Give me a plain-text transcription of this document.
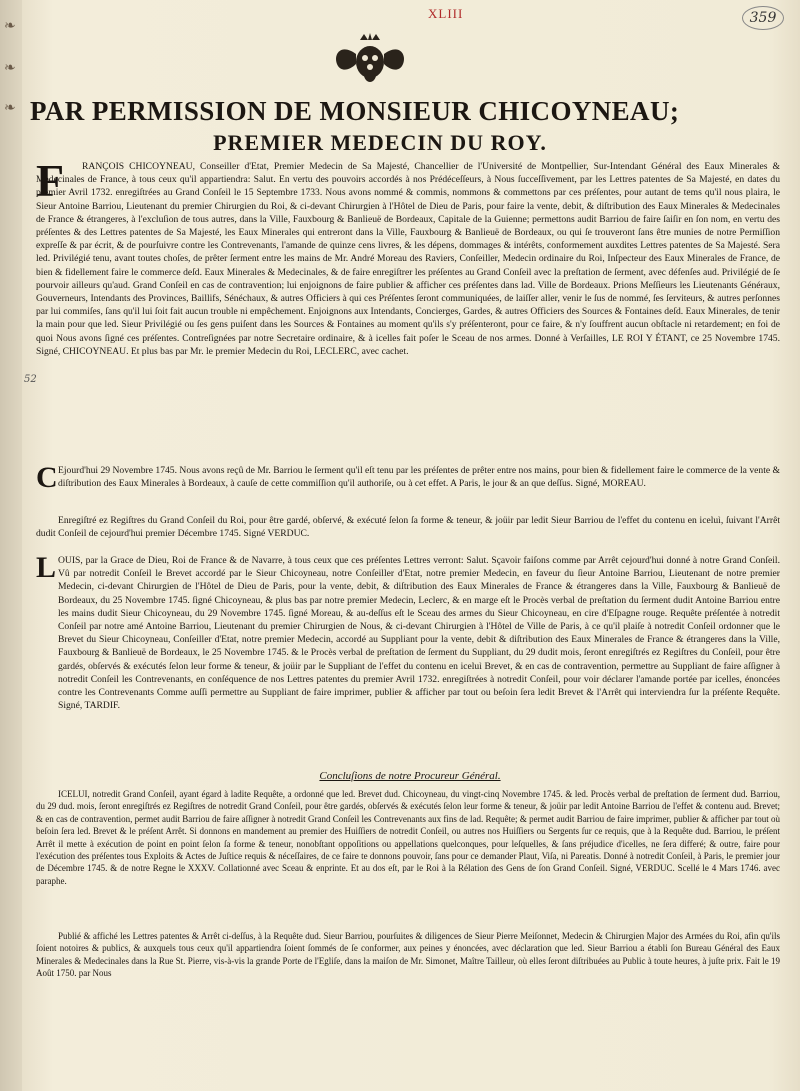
❧
❧
❧
XLIII	359
PAR PERMISSION DE MONSIEUR CHICOYNEAU;
PREMIER MEDECIN DU ROY.
F	RANÇOIS CHICOYNEAU, Conseiller d'Etat, Premier Medecin de Sa Majesté, Chancellier de l'Université de Montpellier, Sur-Intendant Général des Eaux Minerales & Medecinales de France, à tous ceux qu'il appartiendra: Salut. En vertu des pouvoirs accordés à nos Prédéceſſeurs, à Nous ſucceſſivement, par les Lettres patentes de Sa Majesté, en dates du premier Avril 1732. enregiſtrées au Grand Conſeil le 15 Septembre 1733. Nous avons nommé & commis, nommons & commettons par ces préſentes, pour autant de tems qu'il nous plaira, le Sieur Antoine Barriou, Lieutenant du premier Chirurgien du Roi, & ci-devant Chirurgien à l'Hôtel de Dieu de Paris, pour faire la vente, debit, & diſtribution des Eaux Minerales & Medecinales de France & étrangeres, à l'excluſion de tous autres, dans la Ville, Fauxbourg & Banlieuë de Bordeaux, Capitale de la Guienne; permettons audit Barriou de faire ſaiſir en ſon nom, en vertu des préſentes & des Lettres patentes de Sa Majesté, les Eaux Minerales qui entreront dans la Ville, Fauxbourg & Banlieuë de Bordeaux, ou qui ſe trouveront ſans être munies de notre Permiſſion expreſſe & par écrit, & de pourſuivre contre les Contrevenants, l'amande de quinze cens livres, & les dépens, dommages & intérêts, conformement auxdites Lettres patentes de Sa Majesté. Sera led. Privilégié tenu, avant toutes choſes, de prêter ſerment entre les mains de Mr. André Moreau des Raviers, Conſeiller, Medecin ordinaire du Roi, Inſpecteur des Eaux Minerales de France, de bien & fidellement faire le commerce deſd. Eaux Minerales & Medecinales, & de faire enregiſtrer les préſentes au Grand Conſeil avec la preſtation de ſerment, avec défenſes aud. Privilégié de ſe pourvoir ailleurs qu'aud. Grand Conſeil en cas de contravention; lui enjoignons de faire publier & afficher ces préſentes dans lad. Ville de Bordeaux. Prions Meſſieurs les Lieutenants Généraux, Gouverneurs, Intendants des Provinces, Baillifs, Sénéchaux, & autres Officiers à qui ces Préſentes ſeront communiquées, de laiſſer aller, venir le ſus de nommé, ſes ſerviteurs, & autres perſonnes par lui commiſes, ſans qu'il lui ſoit fait aucun trouble ni empêchement. Enjoignons aux Intendants, Concierges, Gardes, & autres Officiers des Sources & Fontaines deſd. Eaux Minerales, de tenir la main pour que led. Sieur Privilégié ou ſes gens puiſent dans les Sources & Fontaines au moment qu'ils s'y préſenteront, pour ce faire, & n'y ſouffrent aucun obſtacle ni retardement; en foi de quoi Nous avons ſigné ces préſentes. Contreſignées par notre Secretaire ordinaire, & à icelles fait poſer le Sceau de nos armes. Donné à Verſailles, LE ROI Y ÉTANT, ce 25 Novembre 1745. Signé, CHICOYNEAU. Et plus bas par Mr. le premier Medecin du Roi, LECLERC, avec cachet.
52
C Ejourd'hui 29 Novembre 1745. Nous avons reçû de Mr. Barriou le ſerment qu'il eſt tenu par les préſentes de prêter entre nos mains, pour bien & fidellement faire le commerce de la vente & diſtribution des Eaux Minerales à Bordeaux, à cauſe de cette commiſſion qu'il authoriſe, ou à cet effet. A Paris, le jour & an que deſſus. Signé, MOREAU.
Enregiſtré ez Regiſtres du Grand Conſeil du Roi, pour être gardé, obſervé, & exécuté ſelon ſa forme & teneur, & joüir par ledit Sieur Barriou de l'effet du contenu en iceluì, ſuivant l'Arrêt dudit Conſeil de cejourd'hui premier Décembre 1745. Signé VERDUC.
L OUIS, par la Grace de Dieu, Roi de France & de Navarre, à tous ceux que ces préſentes Lettres verront: Salut. Sçavoir faiſons comme par Arrêt cejourd'hui donné à notre Grand Conſeil. Vû par notredit Conſeil le Brevet accordé par le Sieur Chicoyneau, notre Conſeiller d'Etat, notre premier Medecin, en faveur du ſieur Antoine Barriou, Lieutenant de notre premier Medecin, ci-devant Chirurgien de l'Hôtel de Dieu de Paris, pour la vente, debit, & diſtribution des Eaux Minerales de France & étrangeres dans la Ville, Fauxbourg & Banlieuë de Bordeaux, du 25 Novembre 1745. ſigné Chicoyneau, & plus bas par notre premier Medecin, Leclerc, & en marge eſt le Procès verbal de preſtation du ſerment dudit Antoine Barriou entre les mains dudit Sieur Chicoyneau, du 29 Novembre 1745. ſigné Moreau, & au-deſſus eſt le Sceau des armes du Sieur Chicoyneau, en cire d'Eſpagne rouge. Requête préſentée à notredit Conſeil par notre amé Antoine Barriou, Lieutenant du premier Chirurgien de Nous, & ci-devant Chirurgien à l'Hôtel de Ville de Paris, à ce qu'il plaiſe à notredit Conſeil ordonner que le Brevet du Sieur Chicoyneau, Conſeiller d'Etat, notre premier Medecin, accordé au Suppliant pour la vente, debit & diſtribution des Eaux Minerales de France & étrangeres dans la Ville, Fauxbourg & Banlieuë de Bordeaux, le 25 Novembre 1745. & le Procès verbal de preſtation de ſerment du Suppliant, du 29 dudit mois, ſeront enregiſtrés ez Regiſtres du Conſeil, pour être gardés, obſervés & exécutés ſelon leur forme & teneur, & joüir par le Suppliant de l'effet du contenu en iceluì Brevet, & en cas de contravention, permettre au Suppliant de faire aſſigner à notredit Conſeil les Contrevenants, en conſéquence de nos Lettres patentes du premier Avril 1732. enregiſtrées à notredit Conſeil, pour voir déclarer l'amande portée par icelles, énoncées contre les Contrevenants Comme auſſi permettre au Suppliant de faire imprimer, publier & afficher par tout ou beſoin ſera ledit Brevet & l'Arrêt qui interviendra ſur la préſente Requête. Signé, TARDIF.
Concluſions de notre Procureur Général.
ICELUI, notredit Grand Conſeil, ayant égard à ladite Requête, a ordonné que led. Brevet dud. Chicoyneau, du vingt-cinq Novembre 1745. & led. Procès verbal de preſtation de ſerment dud. Barriou, du 29 dud. mois, ſeront enregiſtrés ez Regiſtres de notredit Grand Conſeil, pour être gardés, obſervés & exécutés ſelon leur forme & teneur, & joüir par ledit Antoine Barriou de l'effet & contenu aud. Brevet; & en cas de contravention, permet audit Barriou de faire aſſigner à notredit Grand Conſeil les Contrevenants aux fins de lad. Requête; & permet audit Barriou de faire imprimer, publier & afficher par tout où beſoin ſera led. Brevet & le préſent Arrêt. Si donnons en mandement au premier des Huiſſiers de notredit Conſeil, ou autres nos Huiſſiers ou Sergents ſur ce requis, que à la Requête dud. Barriou, le préſent Arrêt il mette à exécution de point en point ſelon ſa forme & teneur, nonobſtant oppoſitions ou appellations quelconques, pour leſquelles, & ſans préjudice d'icelles, ne ſera differé; & outre, faire pour l'exécution des préſentes tous Exploits & Actes de Juſtice requis & néceſſaires, de ce faire te donnons pouvoir, ſans pour ce demander Plaut, Viſa, ni Pareatis. Donné à notredit Conſeil, à Paris, le premier jour de Décembre 1745. & de notre Regne le XXXV. Collationné avec Sceau & enprinte. Et au dos eſt, par le Roi à la Rélation des Gens de ſon Grand Conſeil. Signé, VERDUC. Scellé le 4 Mars 1746. avec paraphe.
Publié & affiché les Lettres patentes & Arrêt ci-deſſus, à la Requête dud. Sieur Barriou, pourſuites & diligences de Sieur Pierre Meiſonnet, Medecin & Chirurgien Major des Armées du Roi, afin qu'ils ſoient notoires & publics, & auxquels tous ceux qu'il appartiendra ſoient ſommés de ſe conformer, aux peines y énoncées, avec déclaration que led. Sieur Barriou a établi ſon Bureau Général des Eaux Minerales & Medecinales dans la Rue St. Pierre, vis-à-vis la grande Porte de l'Egliſe, dans la maiſon de Mr. Simonet, Maître Tailleur, où elles ſeront diſtribuées au Public à toute heures, à juſte prix. Fait le 19 Août 1750. par Nous
